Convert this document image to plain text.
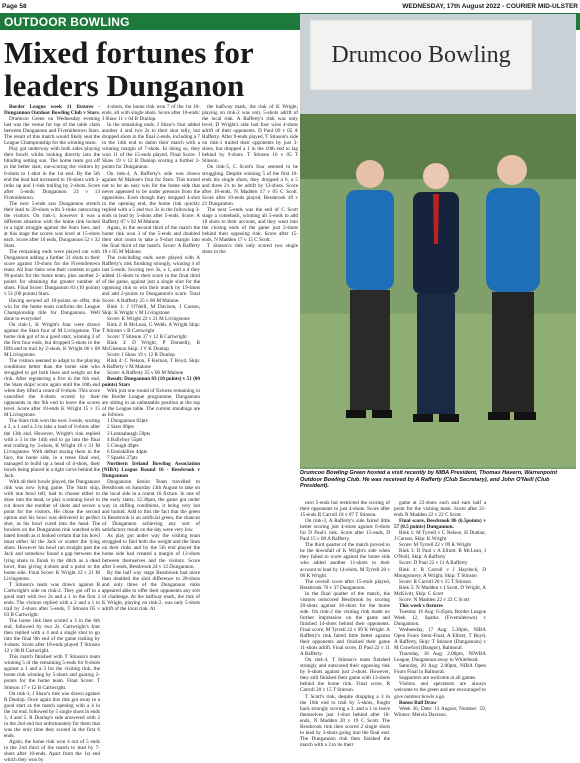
Page 58	WEDNESDAY, 17th August 2022 - COURIER MID-ULSTER
OUTDOOR BOWLING
Mixed fortunes for leaders Dunganon

Border League week 11 fixtures - Dungannon Outdoor Bowling Club v Stars.

Drumcoo Green on Wednesday evening last was the venue for top of the table clash between Dungannon and Fivemiletown Stars. The result of this match would likely seal the League Championship for the winning team.

Play got underway with both sides playing their bowls whilst looking directly into the blinding setting sun. The home team got off to the better start, out-scoring the visitors by 6-shots to 1-shot in the 1st end. By the 5th end the lead had increased to 10-shots with 3-rinks up and 1-rink trailing by 2-shots. Score after 5-ends: Dungannon 23 v 13 Fivemiletown.

The next 5-ends saw Dungannon stretch their lead to 20-shots with 3-rinks outscoring the visitors. On rink-1, however it was a different situation with the home rink locked in a tight struggle against the Stars foes, and at this stage the scores was level at 15-shots each. Score after 10 ends, Dungannon 52 v 32 Stars.

The remaining ends were played out with Dungannon adding a further 31 shots to their score against 19-shots for the Fivemiletown team. All four rinks won their contests to gain 96-points for the home team, plus another 2-points for obtaining the greater number of shots. Final Score: Dungannon 83 (10 points) v 51 (00 points) Stars.

Having secured all 10-points on offer, this win for the home team confirms the League Championship title for Dungannon. Well done to everyone!

On rink-1, K Wright's four were drawn against the Stars four of M Livingstone. The home rink got of to a good start, winning 3 of the first four ends, but dropped 5-shots in the fifth end to trail by 2-shots, K Wright 06 v 08 M Livingstone.

The visitors seemed to adapt to the playing conditions better than the home side who struggled to get both lines and weight on the rink. After registering a five in the 6th end, the Stars skips' score again until the 10th end when they lifted a count of 6-shots. This score cancelled the 6-shots scored by their opponents in the 9th end to leave the scores level. Score after 10-ends K Wright 15 v 15 M Livingstone.

The Stars rink won the next 3-ends, scoring a 2, a 1 and a 3 to take a lead of 6-shots after the 13th end. However, Wright's rink replied with a 3 in the 14th end to go into the final end trailing by 3-shots, K Wright 18 v 21 M Livingstone. With defeat staring them in the face, the home side, in a tense final end, managed to build up a head of 4-shots, their bowls being placed in a tight curve behind the Jack.

With all their bowls played, the Dungannon rink was now lying game. The Stars skip, with one bowl left, had to choose either to draw into the head, or play a running bowl to cut down the number of shots and secure a point for the visitors. He chose the second option and his bowl was delivered in perfect shot, as his bowl cured into the head. The bowlers on the Dungannon rink watched with bated breath as it looked certain that his bowl must either hit the Jack or scatter the lying shots. However his bowl ran straight past the Jack and somehow found a gap between the lying shots to finish in the ditch as a dead bowl, thus giving 4-shots and a point to the home side. Final Score: K Wright 22 v 21 M Livingstone.

T Stinson's team was drawn against B Cartwright's side on rink-2. They got off to a good start with two 2s and a 1 in the first 3 ends. The visitors replied with a 2 and a 1 to trail by 2-shots after 5-ends, T Stinson 05 v 03 B Cartwright.

The home rink then scored a 3 in the 6th end, followed by two 2s. Cartwright's four then replied with a 4 and a single shot to go into the final 9th end of the game trailing by 4-shots. Score after 10-ends played T Stinson 12 v 08 B Cartwright.

This match finished with T Stinson's team winning 5 of the remaining 5-ends for 8-shots against a 1 and a 3 for the visiting rink, the home rink winning by 5-shots and gaining 2-points for the home team. Final Score: T Stinson 17 v 12 B Cartwright.

On rink-3, J Shaw's rink was drawn against R Dunlop. Once again this rink got away to a good start as the match opening with a 4 in the 1st end, followed by 5 single shots in ends 3, 4 and 5. R Dunlop's side answered with 2 in the 2nd end but unfortunately for them that was the only time they scored in the first 6 ends.

Again, the home rink won 4 out of 5 ends in the 2nd third of the match to lead by 7-shots after 10-ends. Apart from the 1st end which they won by

4-shots, the home rink won 7 of the 1st 10-ends, all with single shots. Score after 10-ends: J Shaw 11 v 04 R Dunlop.

In the remaining ends, J Shaw's four added another 4 and two 2s to their shot tally, but dropped shots in the final 2-ends, including a 7 in the 14th end to damn their match with a winning margin of 7-shots. In doing so, they won 11 of the 15-ends played. Final Score: J Shaw 19 v 12 R Dunlop scoring a further 2-points for Dungannon.

On rink-4, A Rafferty's side was drawn against M Malone's four for Stars. This turned out to be an easy win for the home side that never appeared to be under pressure from the opposition. Even though they dropped 4-shot in the opening end, the home rink quickly replied with a 5 and two 2s in the following 3-ends to lead by 5-shots after 5-ends. Score: A Rafferty 07 v 02 M Malone.

Again, in the second third of the match the home rink won 3 of the 5-ends and doubled their shot count to take a 9-shot margin into the final third of the match. Score: A Rafferty 18 v 05 M Malone.

The concluding ends were played with A Rafferty's rink finishing strongly, winning 4 of last 5-ends. Scoring two 3s, a 1, and a 4 they added 11-shots to their score in the final third of the game, against just a single shot for the opposing rink to win their match by 19-shots and add 2-points to Dungannon's score. Total Score: A Rafferty 25 v 06 M Malone.

Rink 1: J O'Neill, M Davison, J Carson, Skip: K Wright v M Livingstone

Score: K Wright 22 v 21 M Livingstone

Rink 2: R McLean, G Webb, A Wright Skip: T Stinson v B Cartwright

Score: T Stinson 17 v 12 B Cartwright

Rink 3: D Wright, P Donnelly, B McGleenon Skip: J V K Dunlop

Score: J Shaw 19 v 12 R Dunlop

Rink 4: C Nelson, F Kernan, T Boyd, Skip: A Rafferty v M Malone

Score: A Rafferty 25 v 06 M Malone

Result: Dungannon 83 (10 points) v 51 (00 points) Stars

With just one round of fixtures remaining in the Border League programme, Dungannon are sitting in an unbeatable position at the top of the League table. The current standings are as follows:

1 Dungannon 82pts

2 Stars 60pts

3 Lemnaheagh 59pts

4 Ballyboy 55pts

5 Clough 49pts

6 Enniskillen 44pts

7 Sparks 37pts

Northern Ireland Bowling Association (NIBA) League Round 16 - Bessbrook v Dungannon

Dungannon Senior Team travelled to Bessbrook on Saturday 13th August to take on the local side in a round 16 fixture. In one of the early starts, 12.30pm, the game got under way in stifling conditions, it being very hot and humid. Add to this the fact that the green in Bessbrook is an artificial green, the chances of Dungannon achieving any sort of satisfactory result on the day were very low.

As play got under way the visiting team struggled to find both the weight and the lines on their rinks and by the 5th end played the home side had created a margin of 12-shots between themselves and the visitors. Score after 5-ends, Bessbrook 24 v 12 Dungannon.

By the half way stage Bessbrook had more than doubled the shot difference to 28-shots and only three of the Dungannon rinks appeared able to offer their opponents any sort of challenge. At the halfway mark, the rink of K Wright, playing on rink-2, was only 5-shots adrift of the local rink. At

the halfway mark, the rink of K Wright, playing on rink-2 was only 5-shots adrift of the local rink. A Rafferty's rink was only level, D Wright's side had four wins 4-shots adrift of their opponents. D Paul 09 v 05 A Rafferty. After 9-ends played, T Stinson's side on rink-1 trailed their opponents by just 3-shots, but dropped a 1 in the 10th end to lag behind by 9-shots. T Stinson 16 v 05 T Stinson.

On rink-5, C Scott's four seemed to be struggling. Despite winning 5 of the first 10-ends his single shots, they dropped a 6, a 5 and three 2's to be adrift by 12-shots. Score after 10-ends, N Madden 17 v 05 C Scott. Score after 10-ends played, Bessbrook 49 v 21 Dungannon.

The next 5-ends was the end of C Scott stage a comeback, winning all 5-ends to add 10 shots to their account, and they went into the closing ends of the game just 2-shots behind their opposing rink. Score after 15-ends, N Madden 17 v 15 C Scott.

T Stinson's rink only scored two single shots in the

Drumcoo Bowling
Drumcoo Bowling Green hosted a visit recently by NIBA President, Thomas Havern, Warrenpoint Outdoor Bowling Club. He was received by A Rafferty (Club Secretary), and John O'Neill (Club President).

next 5-ends but restricted the scoring of their opponents to just 4-shots. Score after 15-ends R Carroll 18 v 07 T Stinson.

On rink-3, A Rafferty's side faired little better scoring just 4-shots against 6-shots for D Paul's rink. Score after 15-ends, D Paul 15 v 08 A Rafferty.

The third quarter of the match proved to be the downfall of K Wright's side when they failed to score against the home side who added another 11-shots to their account to lead by 14-shots, M Tyrrell 20 v 06 K Wright.

The overall score after 15-ends played, Bessbrook 70 v 37 Dungannon.

In the final quarter of the match, the visitors outscored Bessbrook by scoring 20-shots against 16-shots for the home side. On rink-2 the visiting rink made no further impression on the game and finished 14-shots behind their opponents. Final score, M Tyrrell 22 v 09 K Wright. A Rafferty's rink faired little better against their opponents and finished their game 11-shots adrift. Final score, D Paul 22 v 11 A Rafferty.

On rink-4, T Stinson's team finished strongly and outscored their opposing rink by 6-shots against just 2-shots. However, they still finished their game with 13-shots behind the home rink. Final score, R Carroll 20 v 15 T Stinson.

T Scott's rink, despite dropping a 3 in the 16th end to trail by 5-shots, fought back strongly scoring a 3, and a 1 to leave themselves just 1-shot behind after 18-ends, N Madden 20 v 19 C Scott. The Bessbrook rink then scored 2 single shots to lead by 3-shots going into the final end. The Dungannon rink then finished the match with a 3 to tie their

game at 22-shots each and earn half a point for the visiting team. Score after 21-ends N Madden 22 v 22 C Scott.

Final score, Bessbrook 86 (6.5points) v 57 (0.5 points) Dungannon.

Rink 1: M Tyrrell v C Nelson, H Dunbar, J Carson, Skip: K Wright

Score: M Tyrrell 22 v 09 K Wright

Rink 3: D Paul v A Elliott, R McLean, J O'Neill, Skip: A Rafferty

Score: D Paul 22 v 11 A Rafferty

Rink 4: R Carroll v J Haydock, D Montgomery, A Wright, Skip: T Stinson

Score: R Carroll 20 v 15 T Stinson

Rink 5: N Madden v I Scott, D Wright, A McKivitt, Skip: C Scott

Score: N Madden 22 v 22 C Scott

This week's fixtures

Tuesday 16 Aug: 6:45pm, Border League Week 12, Sparks (Fivemiletown) v Dungannon.

Wednesday, 17 Aug: 5.30pm, NIBA Open Fours Semi-Final, A Elliott, T Boyd, A Rafferty, Skip: T Stinson (Dungannon) v M Crawford (Bangor), Balmoral.

Thursday, 18 Aug: 2.00pm, NIWBA League, Dungannon away to Whitehead.

Saturday, 20 Aug: 2.00pm, NIBA Open Fours Final in Balmoral.

Supporters are welcome at all games.

Visitors and spectators are always welcome to the green and are encouraged to give outdoor bowls a go.

Bonus Ball Draw

Week 36, Date: 13 August, Number: 59, Winner: Melvin Davison.
